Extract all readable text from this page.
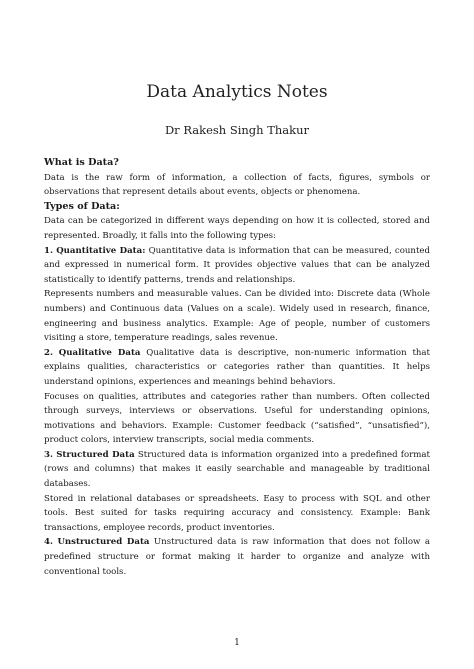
Data Analytics Notes
Dr Rakesh Singh Thakur

What is Data?

Data is the raw form of information, a collection of facts, figures, symbols or observations that represent details about events, objects or phenomena.

Types of Data:

Data can be categorized in different ways depending on how it is collected, stored and represented. Broadly, it falls into the following types:

1. Quantitative Data: Quantitative data is information that can be measured, counted and expressed in numerical form. It provides objective values that can be analyzed statistically to identify patterns, trends and relationships.

Represents numbers and measurable values. Can be divided into: Discrete data (Whole numbers) and Continuous data (Values on a scale). Widely used in research, finance, engineering and business analytics. Example: Age of people, number of customers visiting a store, temperature readings, sales revenue.

2. Qualitative Data Qualitative data is descriptive, non-numeric information that explains qualities, characteristics or categories rather than quantities. It helps understand opinions, experiences and meanings behind behaviors.

Focuses on qualities, attributes and categories rather than numbers. Often collected through surveys, interviews or observations. Useful for understanding opinions, motivations and behaviors. Example: Customer feedback (“satisfied”, “unsatisfied”), product colors, interview transcripts, social media comments.

3. Structured Data Structured data is information organized into a predefined format (rows and columns) that makes it easily searchable and manageable by traditional databases.

Stored in relational databases or spreadsheets. Easy to process with SQL and other tools. Best suited for tasks requiring accuracy and consistency. Example: Bank transactions, employee records, product inventories.

4. Unstructured Data Unstructured data is raw information that does not follow a predefined structure or format making it harder to organize and analyze with conventional tools.

1
